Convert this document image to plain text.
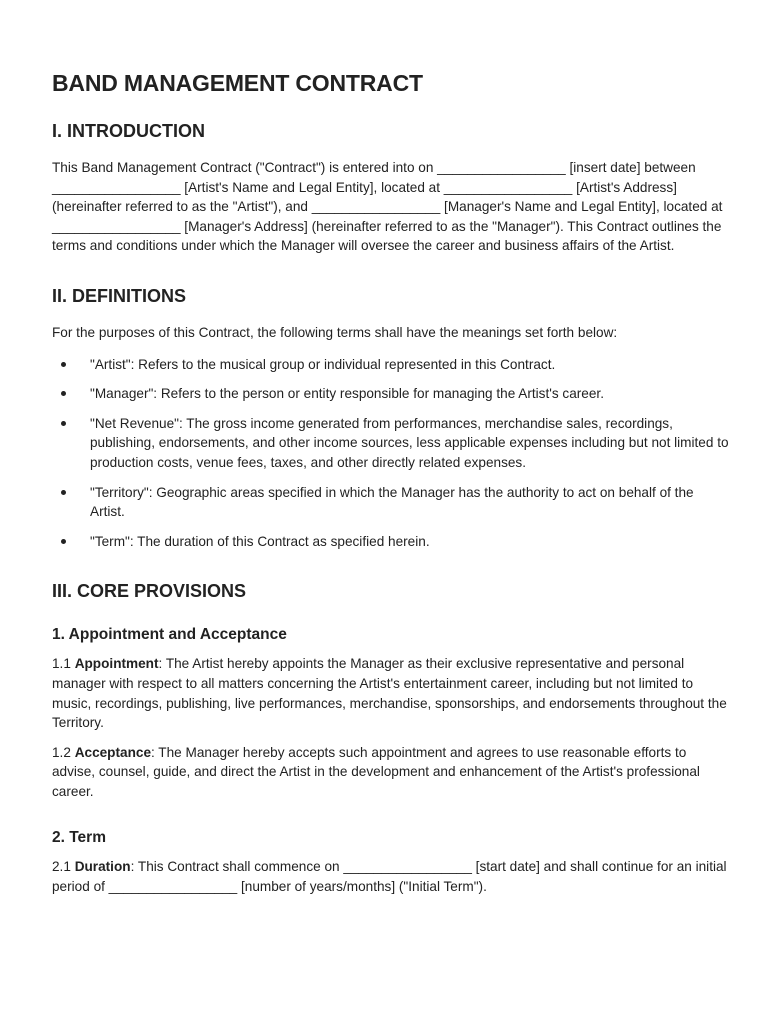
BAND MANAGEMENT CONTRACT
I. INTRODUCTION

This Band Management Contract ("Contract") is entered into on _________________ [insert date] between _________________ [Artist's Name and Legal Entity], located at _________________ [Artist's Address] (hereinafter referred to as the "Artist"), and _________________ [Manager's Name and Legal Entity], located at _________________ [Manager's Address] (hereinafter referred to as the "Manager"). This Contract outlines the terms and conditions under which the Manager will oversee the career and business affairs of the Artist.

II. DEFINITIONS

For the purposes of this Contract, the following terms shall have the meanings set forth below:

"Artist": Refers to the musical group or individual represented in this Contract.
"Manager": Refers to the person or entity responsible for managing the Artist's career.
"Net Revenue": The gross income generated from performances, merchandise sales, recordings, publishing, endorsements, and other income sources, less applicable expenses including but not limited to production costs, venue fees, taxes, and other directly related expenses.
"Territory": Geographic areas specified in which the Manager has the authority to act on behalf of the Artist.
"Term": The duration of this Contract as specified herein.
III. CORE PROVISIONS
1. Appointment and Acceptance

1.1 Appointment: The Artist hereby appoints the Manager as their exclusive representative and personal manager with respect to all matters concerning the Artist's entertainment career, including but not limited to music, recordings, publishing, live performances, merchandise, sponsorships, and endorsements throughout the Territory.

1.2 Acceptance: The Manager hereby accepts such appointment and agrees to use reasonable efforts to advise, counsel, guide, and direct the Artist in the development and enhancement of the Artist's professional career.

2. Term

2.1 Duration: This Contract shall commence on _________________ [start date] and shall continue for an initial period of _________________ [number of years/months] ("Initial Term").
